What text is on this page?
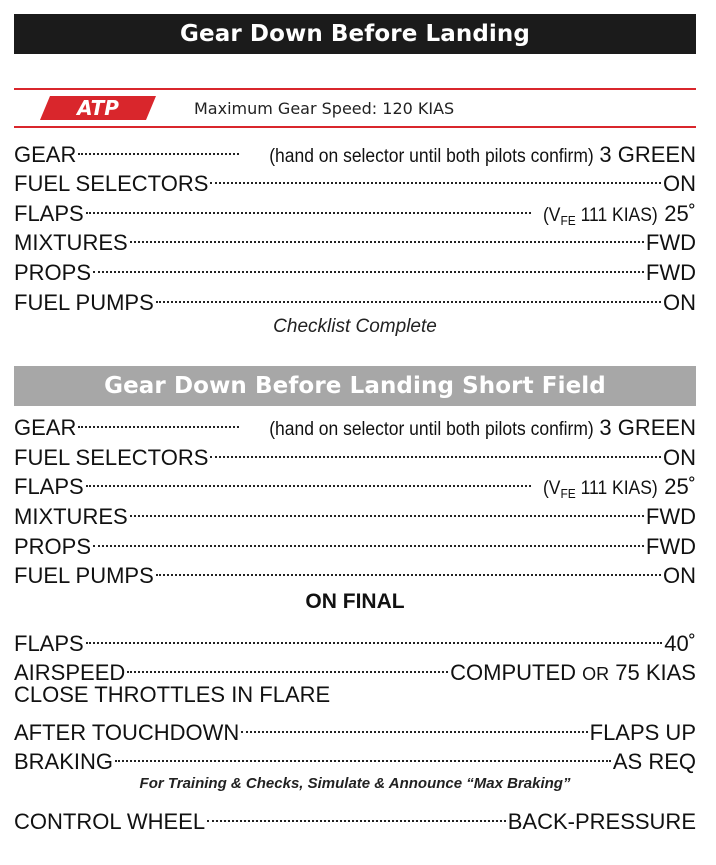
Gear Down Before Landing
ATP	Maximum Gear Speed: 120 KIAS
GEAR	(hand on selector until both pilots confirm) 3 GREEN
FUEL SELECTORS	ON
FLAPS	($V_{FE}$ 111 KIAS) 25˚
MIXTURES	FWD
PROPS	FWD
FUEL PUMPS	ON
Checklist Complete
Gear Down Before Landing Short Field
GEAR	(hand on selector until both pilots confirm) 3 GREEN
FUEL SELECTORS	ON
FLAPS	($V_{FE}$ 111 KIAS) 25˚
MIXTURES	FWD
PROPS	FWD
FUEL PUMPS	ON
ON FINAL
FLAPS	40˚
AIRSPEED	COMPUTED OR 75 KIAS
CLOSE THROTTLES IN FLARE
AFTER TOUCHDOWN	FLAPS UP
BRAKING	AS REQ
For Training & Checks, Simulate & Announce “Max Braking”
CONTROL WHEEL	BACK-PRESSURE
